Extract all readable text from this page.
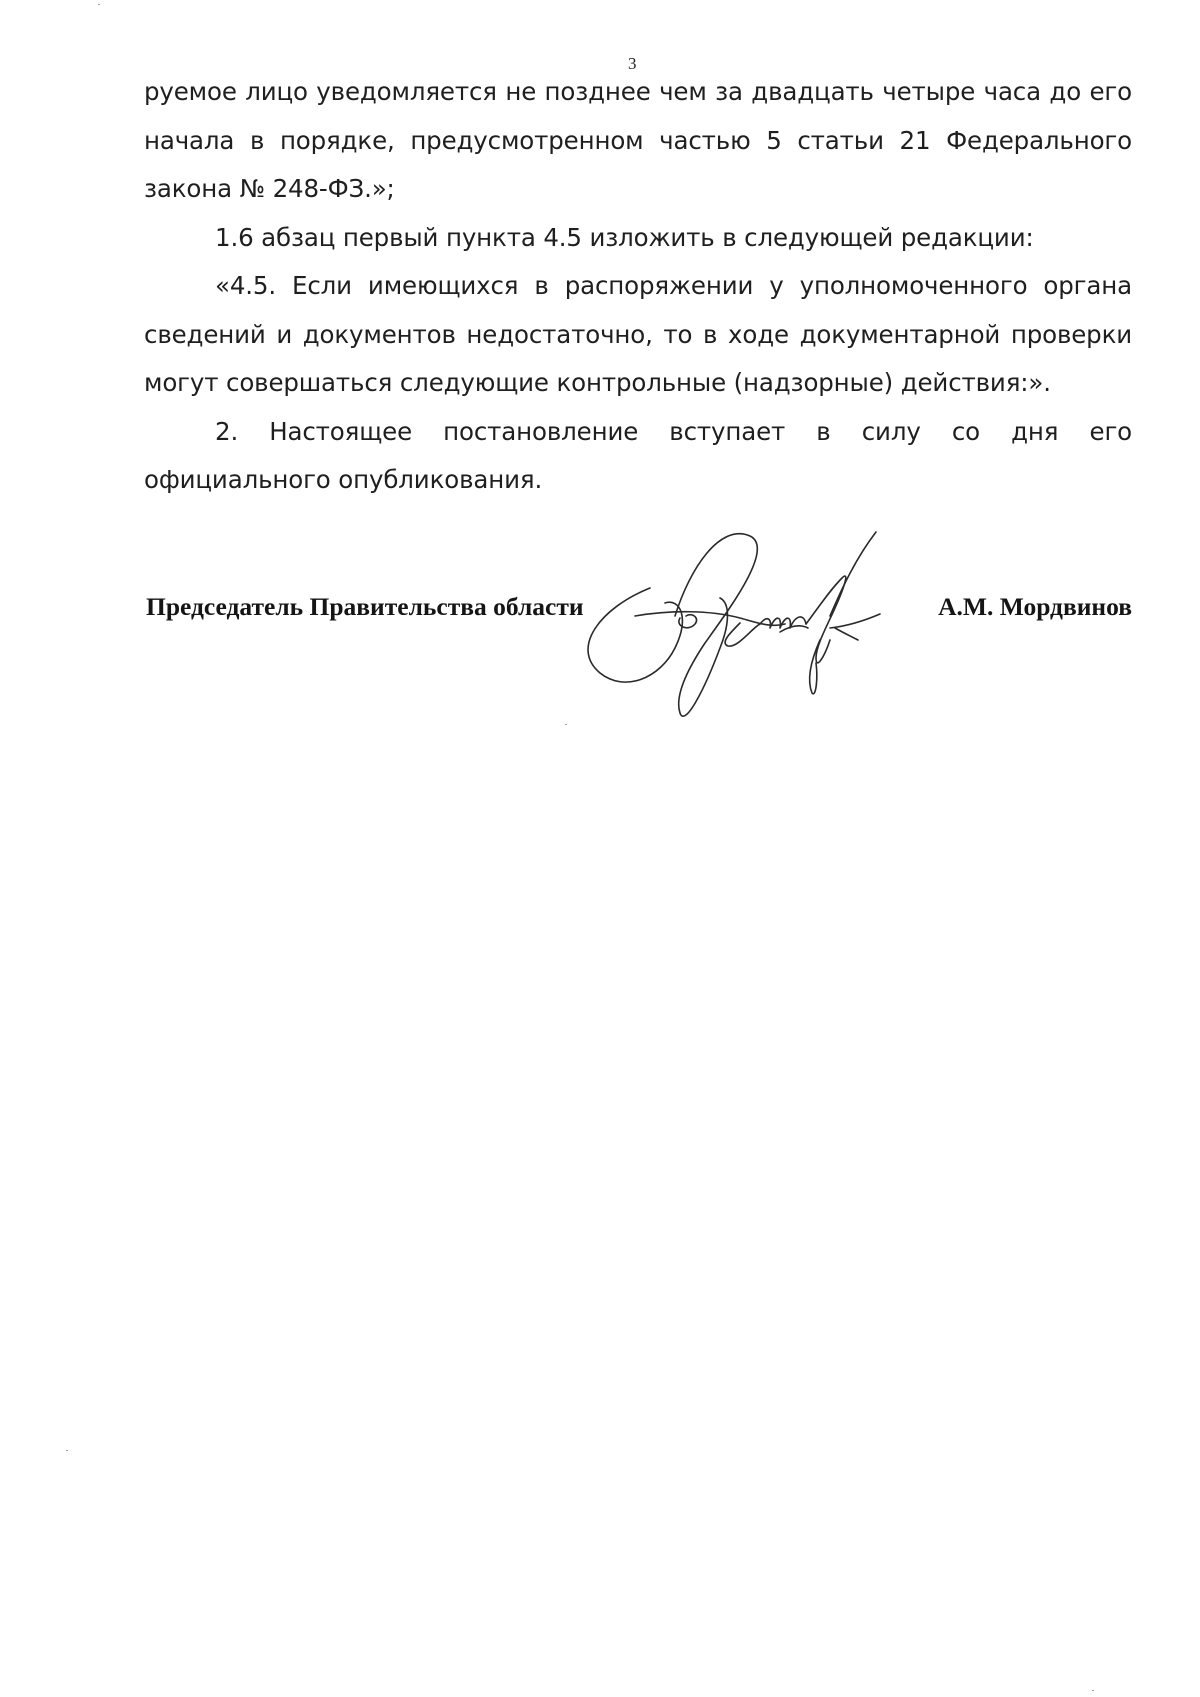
3

руемое лицо уведомляется не позднее чем за двадцать четыре часа до его начала в порядке, предусмотренном частью 5 статьи 21 Федерального закона № 248-ФЗ.»;

1.6 абзац первый пункта 4.5 изложить в следующей редакции:

«4.5. Если имеющихся в распоряжении у уполномоченного органа сведений и документов недостаточно, то в ходе документарной проверки могут совершаться следующие контрольные (надзорные) действия:».

2. Настоящее постановление вступает в силу со дня его официального опубликования.

Председатель Правительства области	А.М. Мордвинов
